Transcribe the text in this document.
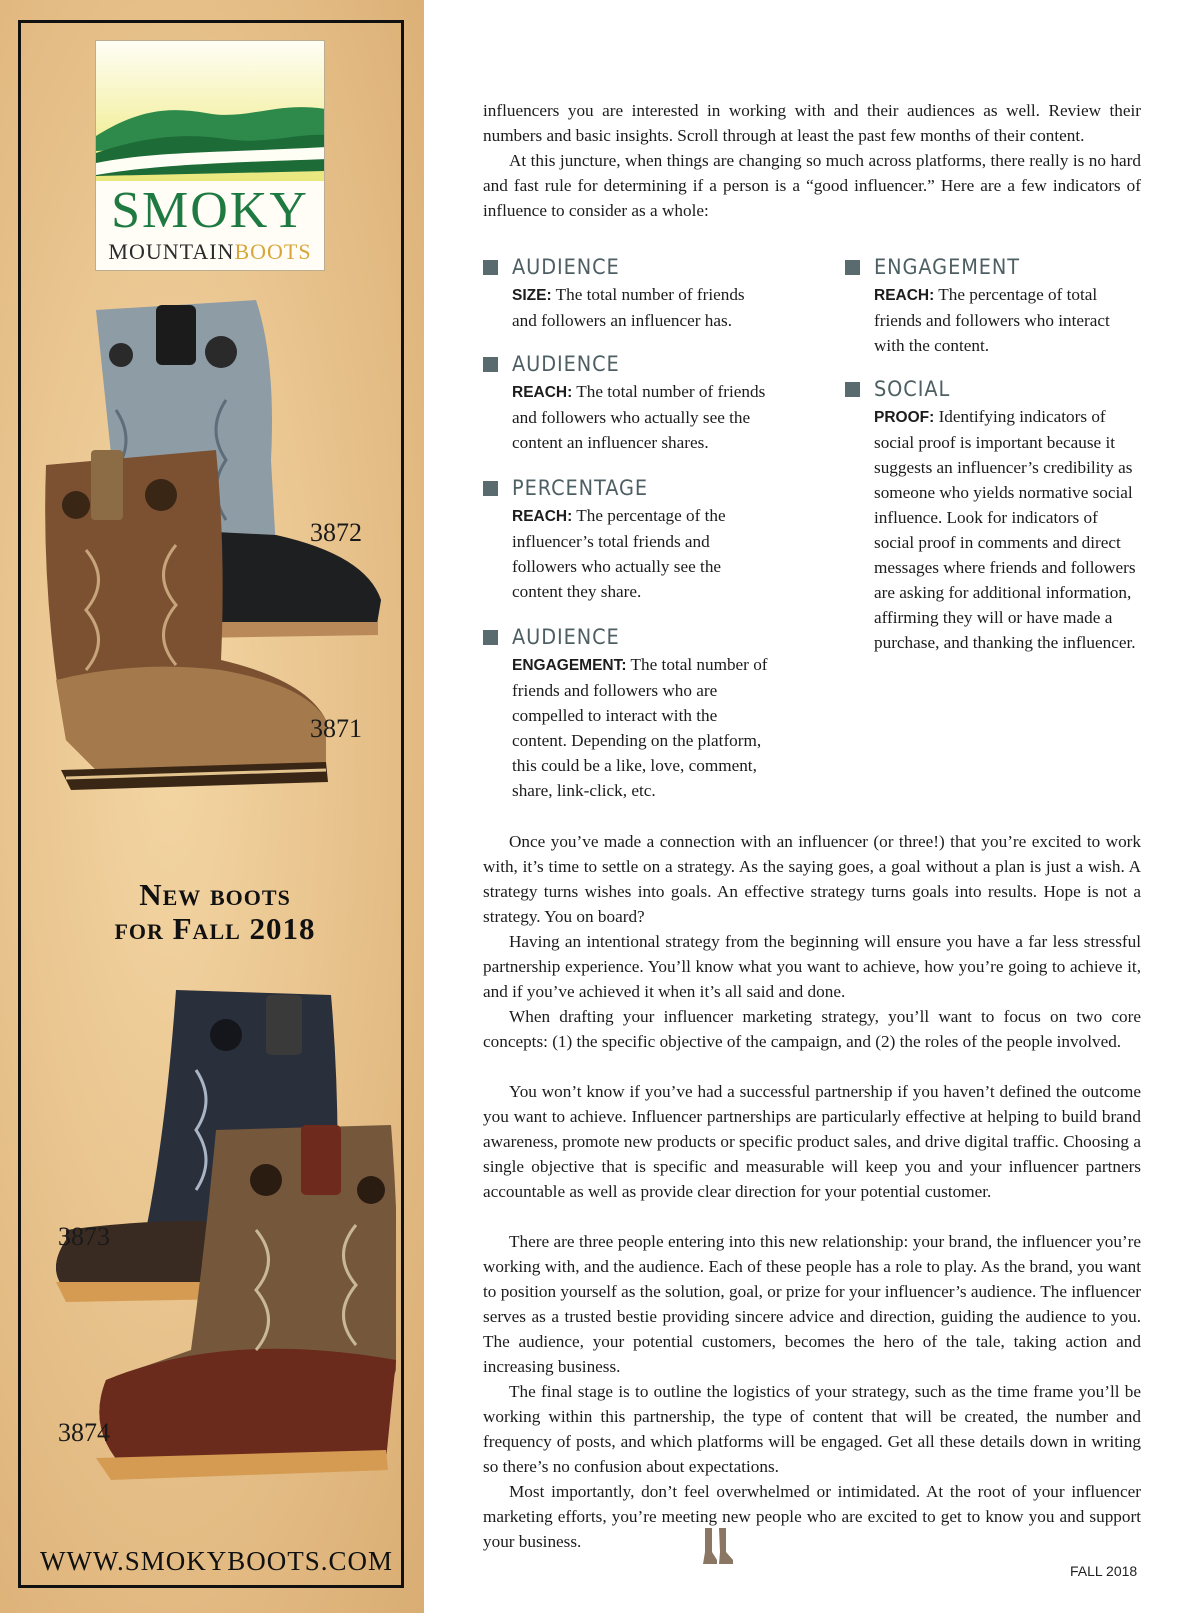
SMOKY
MOUNTAINBOOTS
3872
3871
New boots
for Fall 2018
3873
3874
WWW.SMOKYBOOTS.COM

influencers you are interested in working with and their audiences as well. Review their numbers and basic insights. Scroll through at least the past few months of their content.

At this juncture, when things are changing so much across platforms, there really is no hard and fast rule for determining if a person is a “good influencer.” Here are a few indicators of influence to consider as a whole:

AUDIENCE
SIZE: The total number of friends and followers an influencer has.
AUDIENCE
REACH: The total number of friends and followers who actually see the content an influencer shares.
PERCENTAGE
REACH: The percentage of the influencer’s total friends and followers who actually see the content they share.
AUDIENCE
ENGAGEMENT: The total number of friends and followers who are compelled to interact with the content. Depending on the platform, this could be a like, love, comment, share, link-click, etc.
ENGAGEMENT
REACH: The percentage of total friends and followers who interact with the content.
SOCIAL
PROOF: Identifying indicators of social proof is important because it suggests an influencer’s credibility as someone who yields normative social influence. Look for indicators of social proof in comments and direct messages where friends and followers are asking for additional information, affirming they will or have made a purchase, and thanking the influencer.

Once you’ve made a connection with an influencer (or three!) that you’re excited to work with, it’s time to settle on a strategy. As the saying goes, a goal without a plan is just a wish. A strategy turns wishes into goals. An effective strategy turns goals into results. Hope is not a strategy. You on board?

Having an intentional strategy from the beginning will ensure you have a far less stressful partnership experience. You’ll know what you want to achieve, how you’re going to achieve it, and if you’ve achieved it when it’s all said and done.

When drafting your influencer marketing strategy, you’ll want to focus on two core concepts: (1) the specific objective of the campaign, and (2) the roles of the people involved.

You won’t know if you’ve had a successful partnership if you haven’t defined the outcome you want to achieve. Influencer partnerships are particularly effective at helping to build brand awareness, promote new products or specific product sales, and drive digital traffic. Choosing a single objective that is specific and measurable will keep you and your influencer partners accountable as well as provide clear direction for your potential customer.

There are three people entering into this new relationship: your brand, the influencer you’re working with, and the audience. Each of these people has a role to play. As the brand, you want to position yourself as the solution, goal, or prize for your influencer’s audience. The influencer serves as a trusted bestie providing sincere advice and direction, guiding the audience to you. The audience, your potential customers, becomes the hero of the tale, taking action and increasing business.

The final stage is to outline the logistics of your strategy, such as the time frame you’ll be working within this partnership, the type of content that will be created, the number and frequency of posts, and which platforms will be engaged. Get all these details down in writing so there’s no confusion about expectations.

Most importantly, don’t feel overwhelmed or intimidated. At the root of your influencer marketing efforts, you’re meeting new people who are excited to get to know you and support your business.

FALL 2018
